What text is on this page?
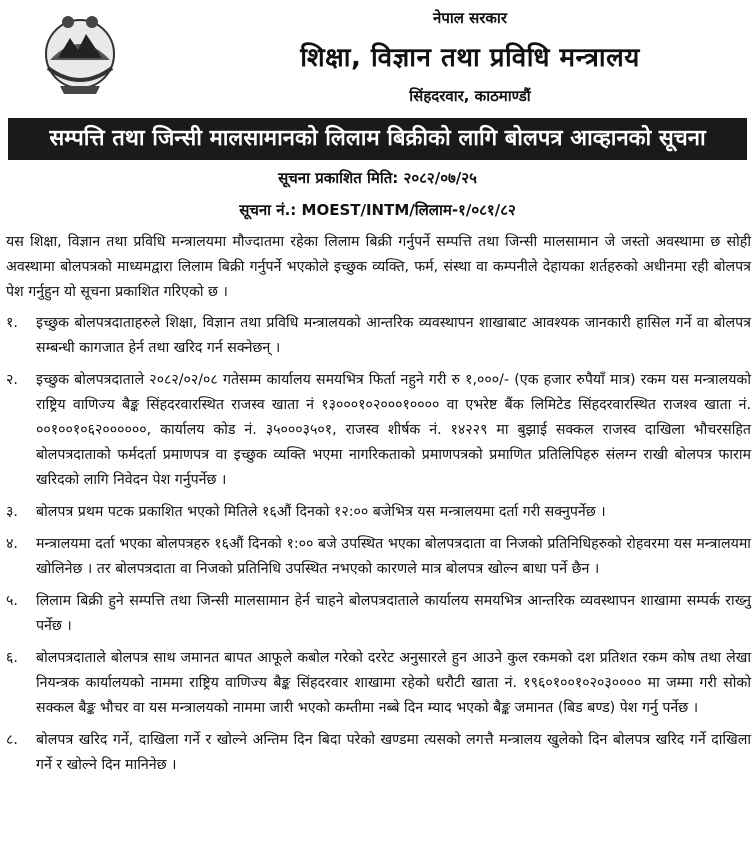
नेपाल सरकार
शिक्षा, विज्ञान तथा प्रविधि मन्त्रालय
सिंहदरवार, काठमाण्डौं
सम्पत्ति तथा जिन्सी मालसामानको लिलाम बिक्रीको लागि बोलपत्र आव्हानको सूचना
सूचना प्रकाशित मिति: २०८२/०७/२५
सूचना नं.: MOEST/INTM/लिलाम-१/०८१/८२

यस शिक्षा, विज्ञान तथा प्रविधि मन्त्रालयमा मौज्दातमा रहेका लिलाम बिक्री गर्नुपर्ने सम्पत्ति तथा जिन्सी मालसामान जे जस्तो अवस्थामा छ सोही अवस्थामा बोलपत्रको माध्यमद्वारा लिलाम बिक्री गर्नुपर्ने भएकोले इच्छुक व्यक्ति, फर्म, संस्था वा कम्पनीले देहायका शर्तहरुको अधीनमा रही बोलपत्र पेश गर्नुहुन यो सूचना प्रकाशित गरिएको छ ।

१.	इच्छुक बोलपत्रदाताहरुले शिक्षा, विज्ञान तथा प्रविधि मन्त्रालयको आन्तरिक व्यवस्थापन शाखाबाट आवश्यक जानकारी हासिल गर्ने वा बोलपत्र सम्बन्धी कागजात हेर्न तथा खरिद गर्न सक्नेछन् ।
२.	इच्छुक बोलपत्रदाताले २०८२/०२/०८ गतेसम्म कार्यालय समयभित्र फिर्ता नहुने गरी रु १,०००/- (एक हजार रुपैयाँ मात्र) रकम यस मन्त्रालयको राष्ट्रिय वाणिज्य बैङ्क सिंहदरवारस्थित राजस्व खाता नं १३०००१०२०००१०००० वा एभरेष्ट बैंक लिमिटेड सिंहदरवारस्थित राजश्व खाता नं. ००१००१०६२००००००, कार्यालय कोड नं. ३५०००३५०१, राजस्व शीर्षक नं. १४२२९ मा बुझाई सक्कल राजस्व दाखिला भौचरसहित बोलपत्रदाताको फर्मदर्ता प्रमाणपत्र वा इच्छुक व्यक्ति भएमा नागरिकताको प्रमाणपत्रको प्रमाणित प्रतिलिपिहरु संलग्न राखी बोलपत्र फाराम खरिदको लागि निवेदन पेश गर्नुपर्नेछ ।
३.	बोलपत्र प्रथम पटक प्रकाशित भएको मितिले १६औं दिनको १२:०० बजेभित्र यस मन्त्रालयमा दर्ता गरी सक्नुपर्नेछ ।
४.	मन्त्रालयमा दर्ता भएका बोलपत्रहरु १६औं दिनको १:०० बजे उपस्थित भएका बोलपत्रदाता वा निजको प्रतिनिधिहरुको रोहवरमा यस मन्त्रालयमा खोलिनेछ । तर बोलपत्रदाता वा निजको प्रतिनिधि उपस्थित नभएको कारणले मात्र बोलपत्र खोल्न बाधा पर्ने छैन ।
५.	लिलाम बिक्री हुने सम्पत्ति तथा जिन्सी मालसामान हेर्न चाहने बोलपत्रदाताले कार्यालय समयभित्र आन्तरिक व्यवस्थापन शाखामा सम्पर्क राख्नु पर्नेछ ।
६.	बोलपत्रदाताले बोलपत्र साथ जमानत बापत आफूले कबोल गरेको दररेट अनुसारले हुन आउने कुल रकमको दश प्रतिशत रकम कोष तथा लेखा नियन्त्रक कार्यालयको नाममा राष्ट्रिय वाणिज्य बैङ्क सिंहदरवार शाखामा रहेको धरौटी खाता नं. १९६०१००१०२०३०००० मा जम्मा गरी सोको सक्कल बैङ्क भौचर वा यस मन्त्रालयको नाममा जारी भएको कम्तीमा नब्बे दिन म्याद भएको बैङ्क जमानत (बिड बण्ड) पेश गर्नु पर्नेछ ।
८.	बोलपत्र खरिद गर्ने, दाखिला गर्ने र खोल्ने अन्तिम दिन बिदा परेको खण्डमा त्यसको लगत्तै मन्त्रालय खुलेको दिन बोलपत्र खरिद गर्ने दाखिला गर्ने र खोल्ने दिन मानिनेछ ।
